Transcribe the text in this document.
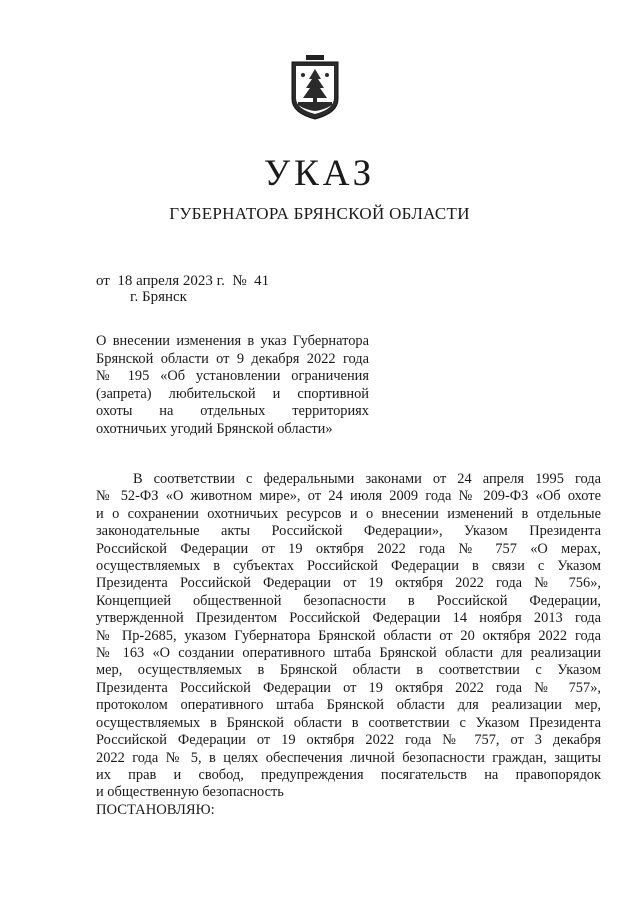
УКАЗ
ГУБЕРНАТОРА БРЯНСКОЙ ОБЛАСТИ
от  18 апреля 2023 г.  №  41
г. Брянск
О внесении изменения в указ Губернатора
Брянской области от 9 декабря 2022 года
№ 195 «Об установлении ограничения
(запрета) любительской и спортивной
охоты на отдельных территориях
охотничьих угодий Брянской области»
В соответствии с федеральными законами от 24 апреля 1995 года
№ 52-ФЗ «О животном мире», от 24 июля 2009 года № 209-ФЗ «Об охоте
и о сохранении охотничьих ресурсов и о внесении изменений в отдельные
законодательные акты Российской Федерации», Указом Президента
Российской Федерации от 19 октября 2022 года № 757 «О мерах,
осуществляемых в субъектах Российской Федерации в связи с Указом
Президента Российской Федерации от 19 октября 2022 года № 756»,
Концепцией общественной безопасности в Российской Федерации,
утвержденной Президентом Российской Федерации 14 ноября 2013 года
№ Пр-2685, указом Губернатора Брянской области от 20 октября 2022 года
№ 163 «О создании оперативного штаба Брянской области для реализации
мер, осуществляемых в Брянской области в соответствии с Указом
Президента Российской Федерации от 19 октября 2022 года № 757»,
протоколом оперативного штаба Брянской области для реализации мер,
осуществляемых в Брянской области в соответствии с Указом Президента
Российской Федерации от 19 октября 2022 года № 757, от 3 декабря
2022 года № 5, в целях обеспечения личной безопасности граждан, защиты
их прав и свобод, предупреждения посягательств на правопорядок
и общественную безопасность
ПОСТАНОВЛЯЮ:
